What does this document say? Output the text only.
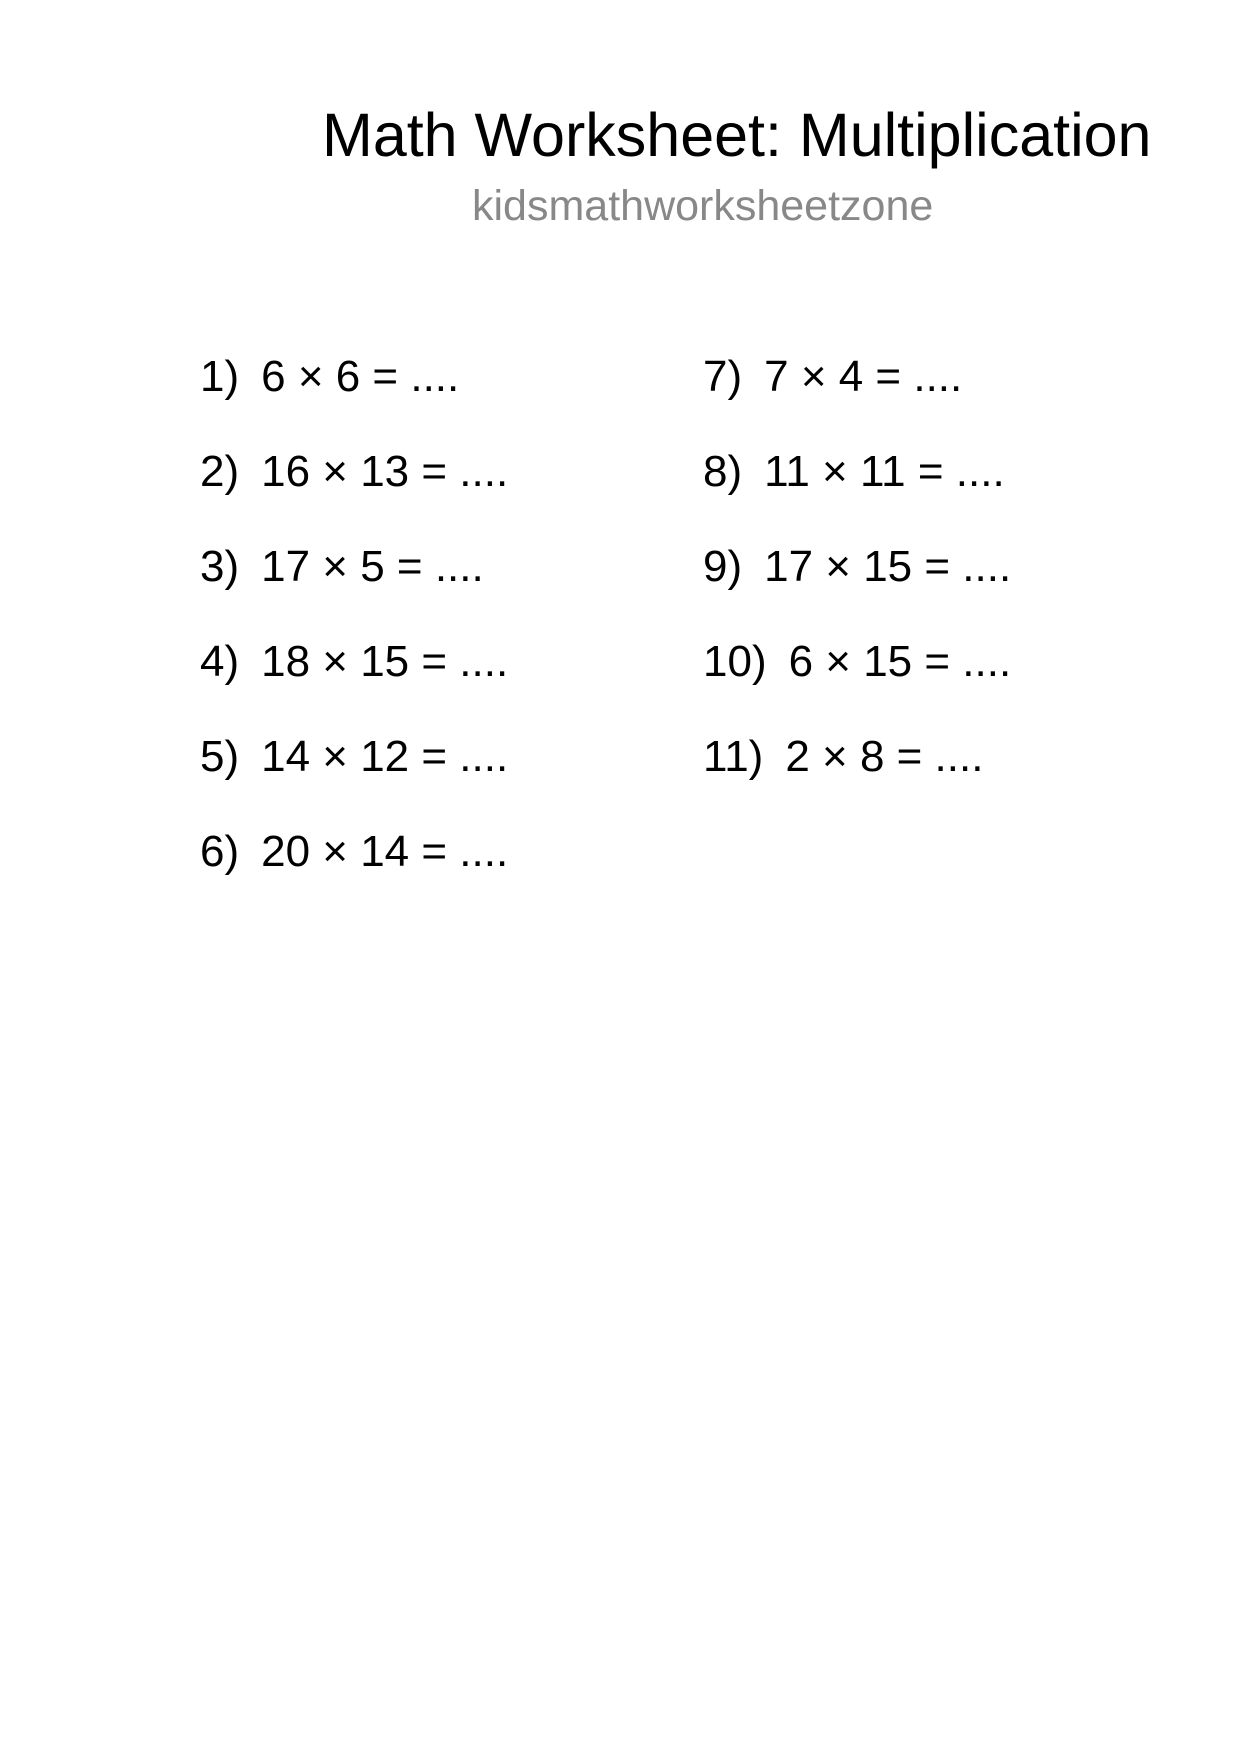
Math Worksheet: Multiplication
kidsmathworksheetzone
1) 6 × 6 = ....
2) 16 × 13 = ....
3) 17 × 5 = ....
4) 18 × 15 = ....
5) 14 × 12 = ....
6) 20 × 14 = ....
7) 7 × 4 = ....
8) 11 × 11 = ....
9) 17 × 15 = ....
10) 6 × 15 = ....
11) 2 × 8 = ....
